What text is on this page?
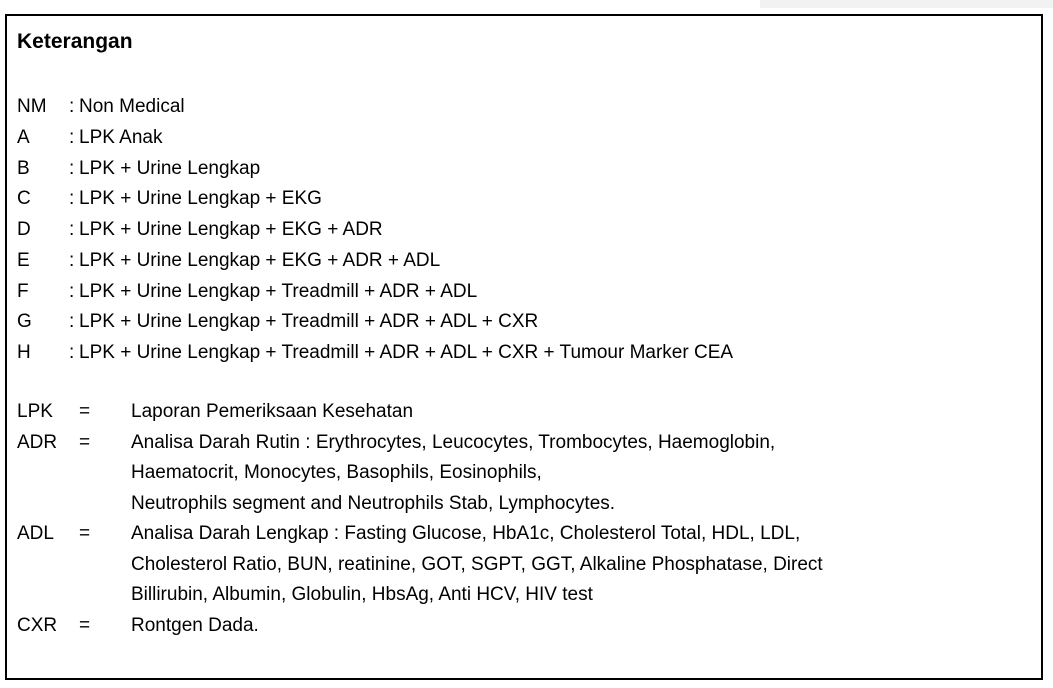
Keterangan
NM	: Non Medical
A	: LPK Anak
B	: LPK + Urine Lengkap
C	: LPK + Urine Lengkap + EKG
D	: LPK + Urine Lengkap + EKG + ADR
E	: LPK + Urine Lengkap + EKG + ADR + ADL
F	: LPK + Urine Lengkap + Treadmill + ADR + ADL
G	: LPK + Urine Lengkap + Treadmill + ADR + ADL + CXR
H	: LPK + Urine Lengkap + Treadmill + ADR + ADL + CXR + Tumour Marker CEA
LPK	=	Laporan Pemeriksaan Kesehatan
ADR	=	Analisa Darah Rutin : Erythrocytes, Leucocytes, Trombocytes, Haemoglobin,
Haematocrit, Monocytes, Basophils, Eosinophils,
Neutrophils segment and Neutrophils Stab, Lymphocytes.
ADL	=	Analisa Darah Lengkap : Fasting Glucose, HbA1c, Cholesterol Total, HDL, LDL,
Cholesterol Ratio, BUN, reatinine, GOT, SGPT, GGT, Alkaline Phosphatase, Direct
Billirubin, Albumin, Globulin, HbsAg, Anti HCV, HIV test
CXR	=	Rontgen Dada.
